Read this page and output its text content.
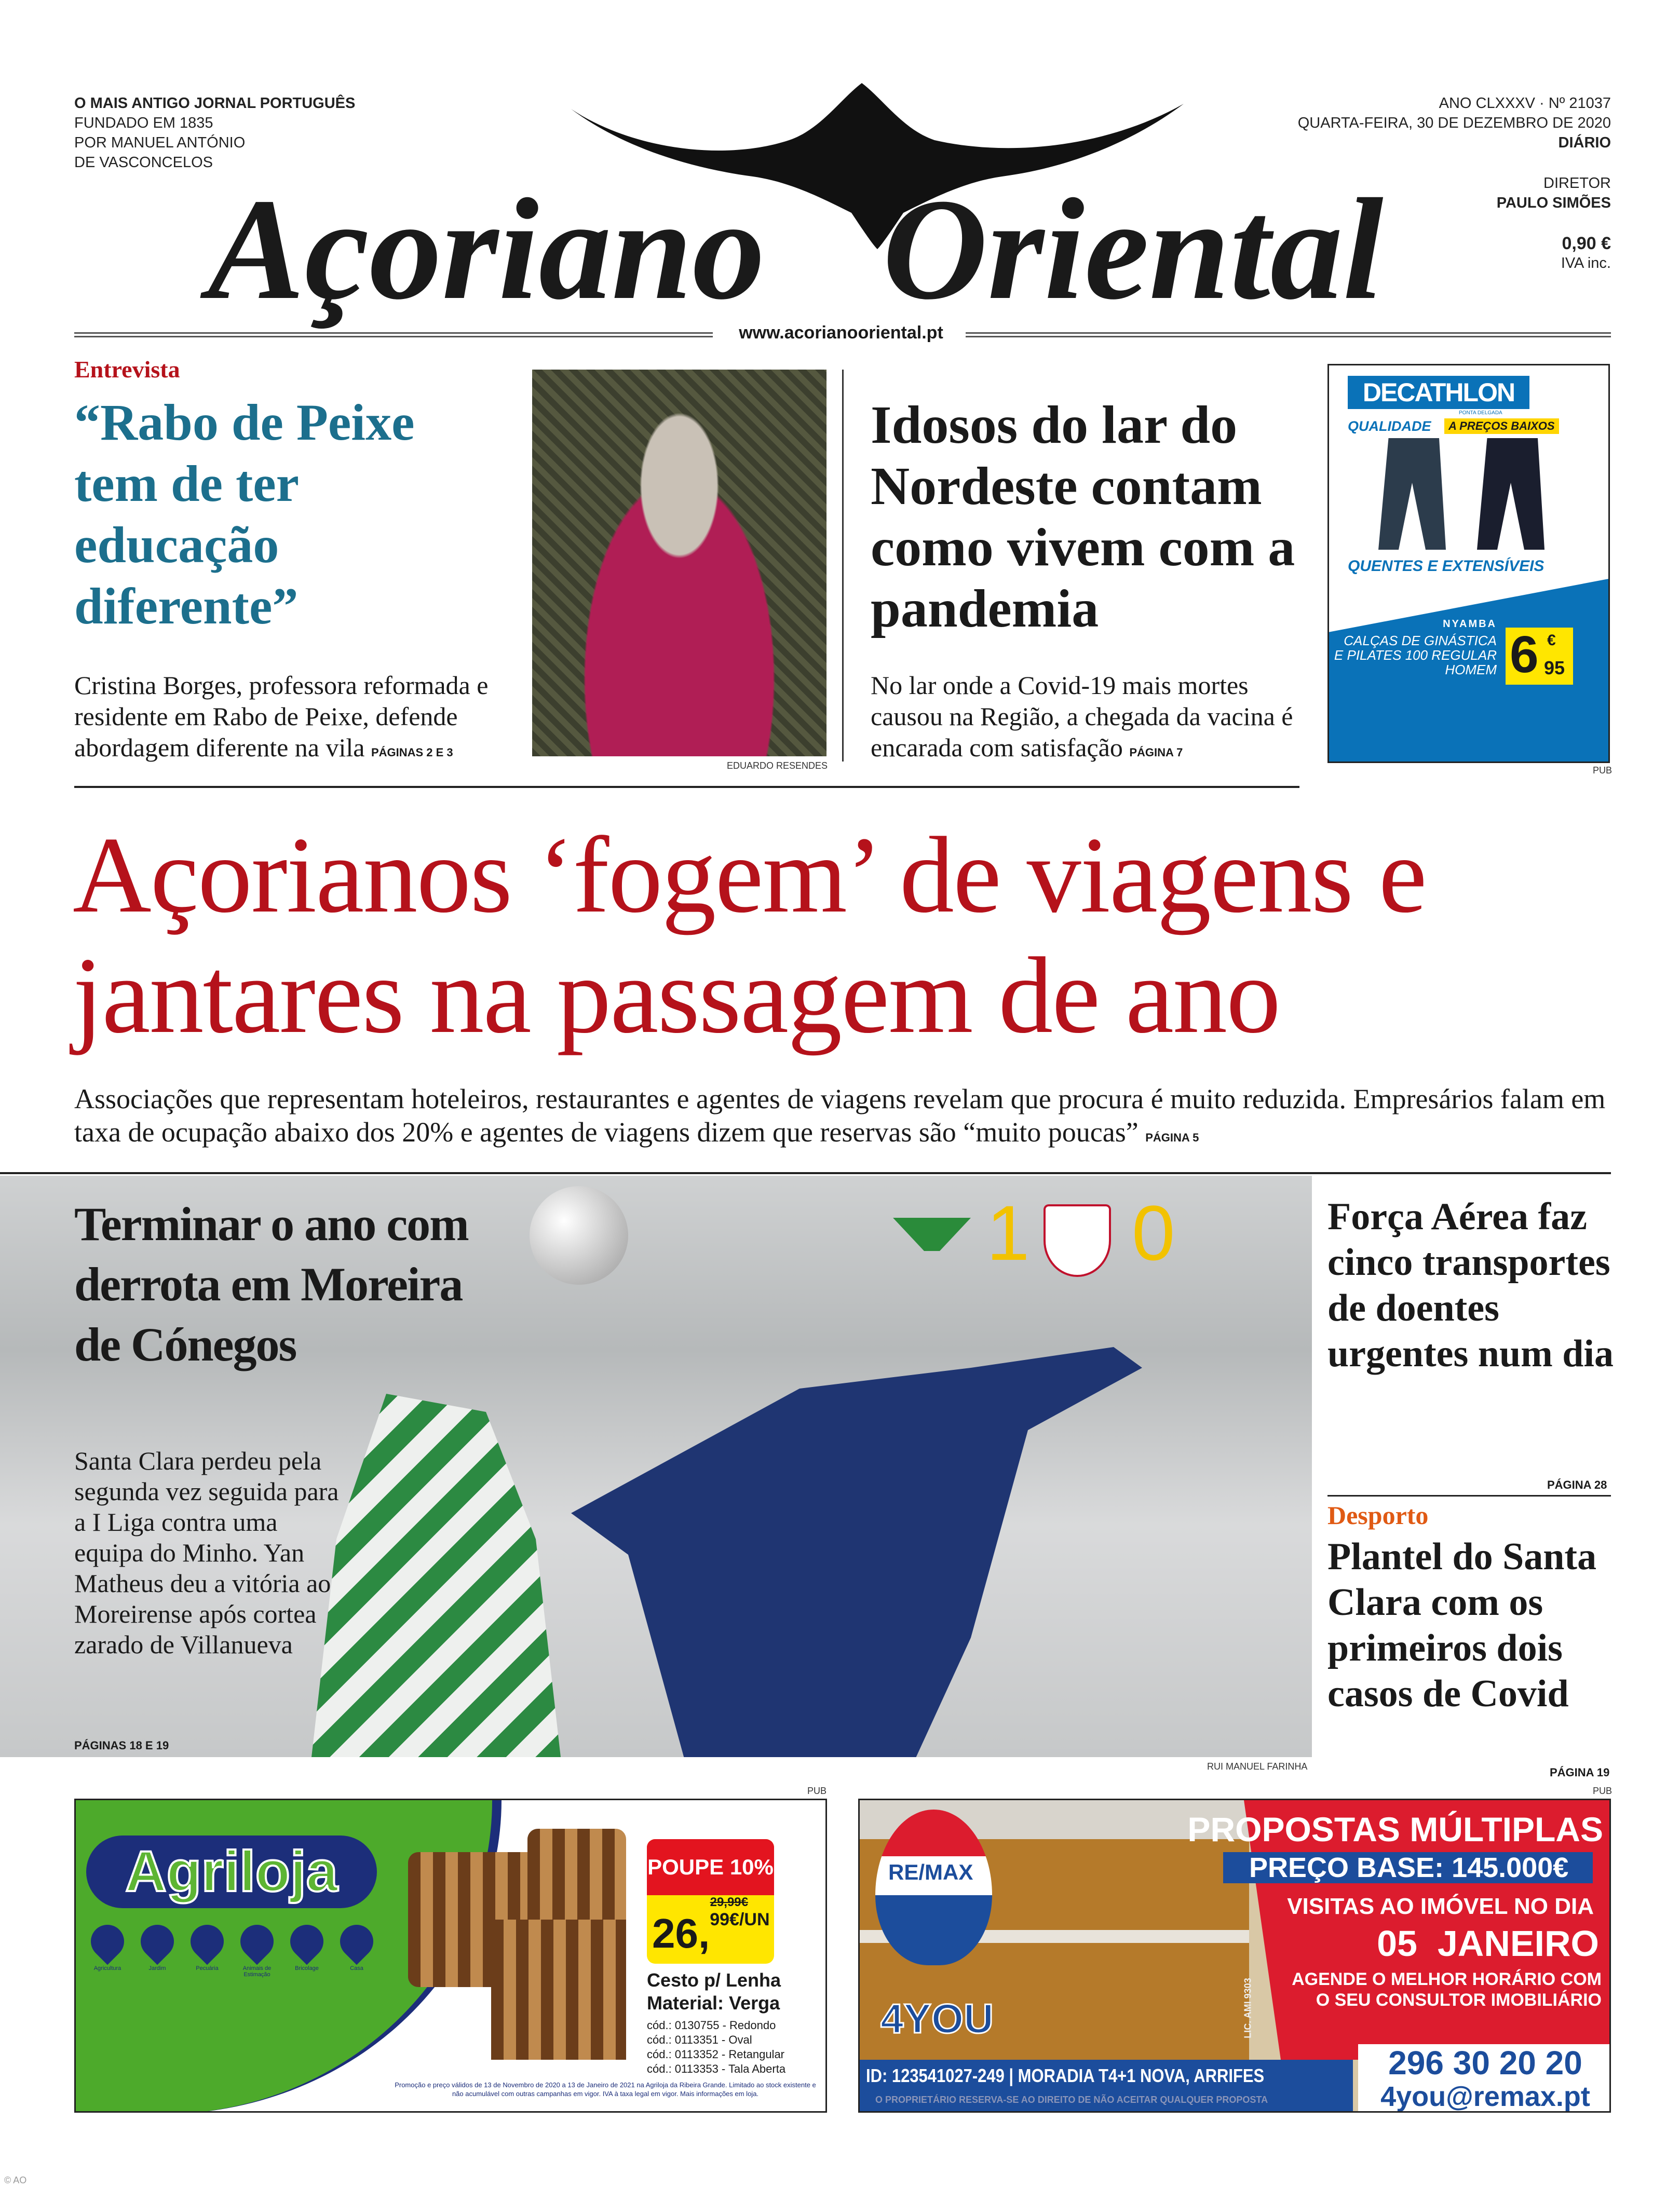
O MAIS ANTIGO JORNAL PORTUGUÊS
FUNDADO EM 1835
POR MANUEL ANTÓNIO
DE VASCONCELOS
Açoriano Oriental
ANO CLXXXV · Nº 21037
QUARTA-FEIRA, 30 DE DEZEMBRO DE 2020
DIÁRIO
DIRETOR
PAULO SIMÕES
0,90 €
IVA inc.
www.acorianooriental.pt
Entrevista
“Rabo de Peixe tem de ter educação diferente”
Cristina Borges, professora reformada e residente em Rabo de Peixe, defende abordagem diferente na vila PÁGINAS 2 E 3
EDUARDO RESENDES
Idosos do lar do Nordeste contam como vivem com a pandemia
No lar onde a Covid-19 mais mortes causou na Região, a chegada da vacina é encarada com satisfação PÁGINA 7
DECATHLON
PONTA DELGADA
QUALIDADE	A PREÇOS BAIXOS
QUENTES E EXTENSÍVEIS
NYAMBA
CALÇAS DE GINÁSTICA
E PILATES 100 REGULAR
HOMEM 6 €
95
PUB
Açorianos ‘fogem’ de viagens e jantares na passagem de ano
Associações que representam hoteleiros, restaurantes e agentes de viagens revelam que procura é muito reduzida. Empresários falam em taxa de ocupação abaixo dos 20% e agentes de viagens dizem que reservas são “muito poucas” PÁGINA 5
Terminar o ano com derrota em Moreira de Cónegos
Santa Clara perdeu pela segunda vez seguida para a I Liga contra uma equipa do Minho. Yan Matheus deu a vitória ao Moreirense após cortea zarado de Villanueva
PÁGINAS 18 E 19
1 0
RUI MANUEL FARINHA
Força Aérea faz cinco transportes de doentes urgentes num dia
PÁGINA 28
Desporto
Plantel do Santa Clara com os primeiros dois casos de Covid
PÁGINA 19
PUB
Agriloja
Agricultura	Jardim	Pecuária	Animais de Estimação
Bricolage	Casa
POUPE 10%
29,99€
26,99€/UN
Cesto p/ Lenha
Material: Verga
cód.: 0130755 - Redondo
cód.: 0113351 - Oval
cód.: 0113352 - Retangular
cód.: 0113353 - Tala Aberta
Promoção e preço válidos de 13 de Novembro de 2020 a 13 de Janeiro de 2021 na Agriloja da Ribeira Grande. Limitado ao stock existente e não acumulável com outras campanhas em vigor. IVA à taxa legal em vigor. Mais informações em loja.
PUB
RE/MAX
4YOU
PROPOSTAS MÚLTIPLAS
PREÇO BASE: 145.000€
VISITAS AO IMÓVEL NO DIA
05  JANEIRO
AGENDE O MELHOR HORÁRIO COM
O SEU CONSULTOR IMOBILIÁRIO
LIC. AMI 9303
ID: 123541027-249 | MORADIA T4+1 NOVA, ARRIFES
O PROPRIETÁRIO RESERVA-SE AO DIREITO DE NÃO ACEITAR QUALQUER PROPOSTA
296 30 20 20
4you@remax.pt
© AO
